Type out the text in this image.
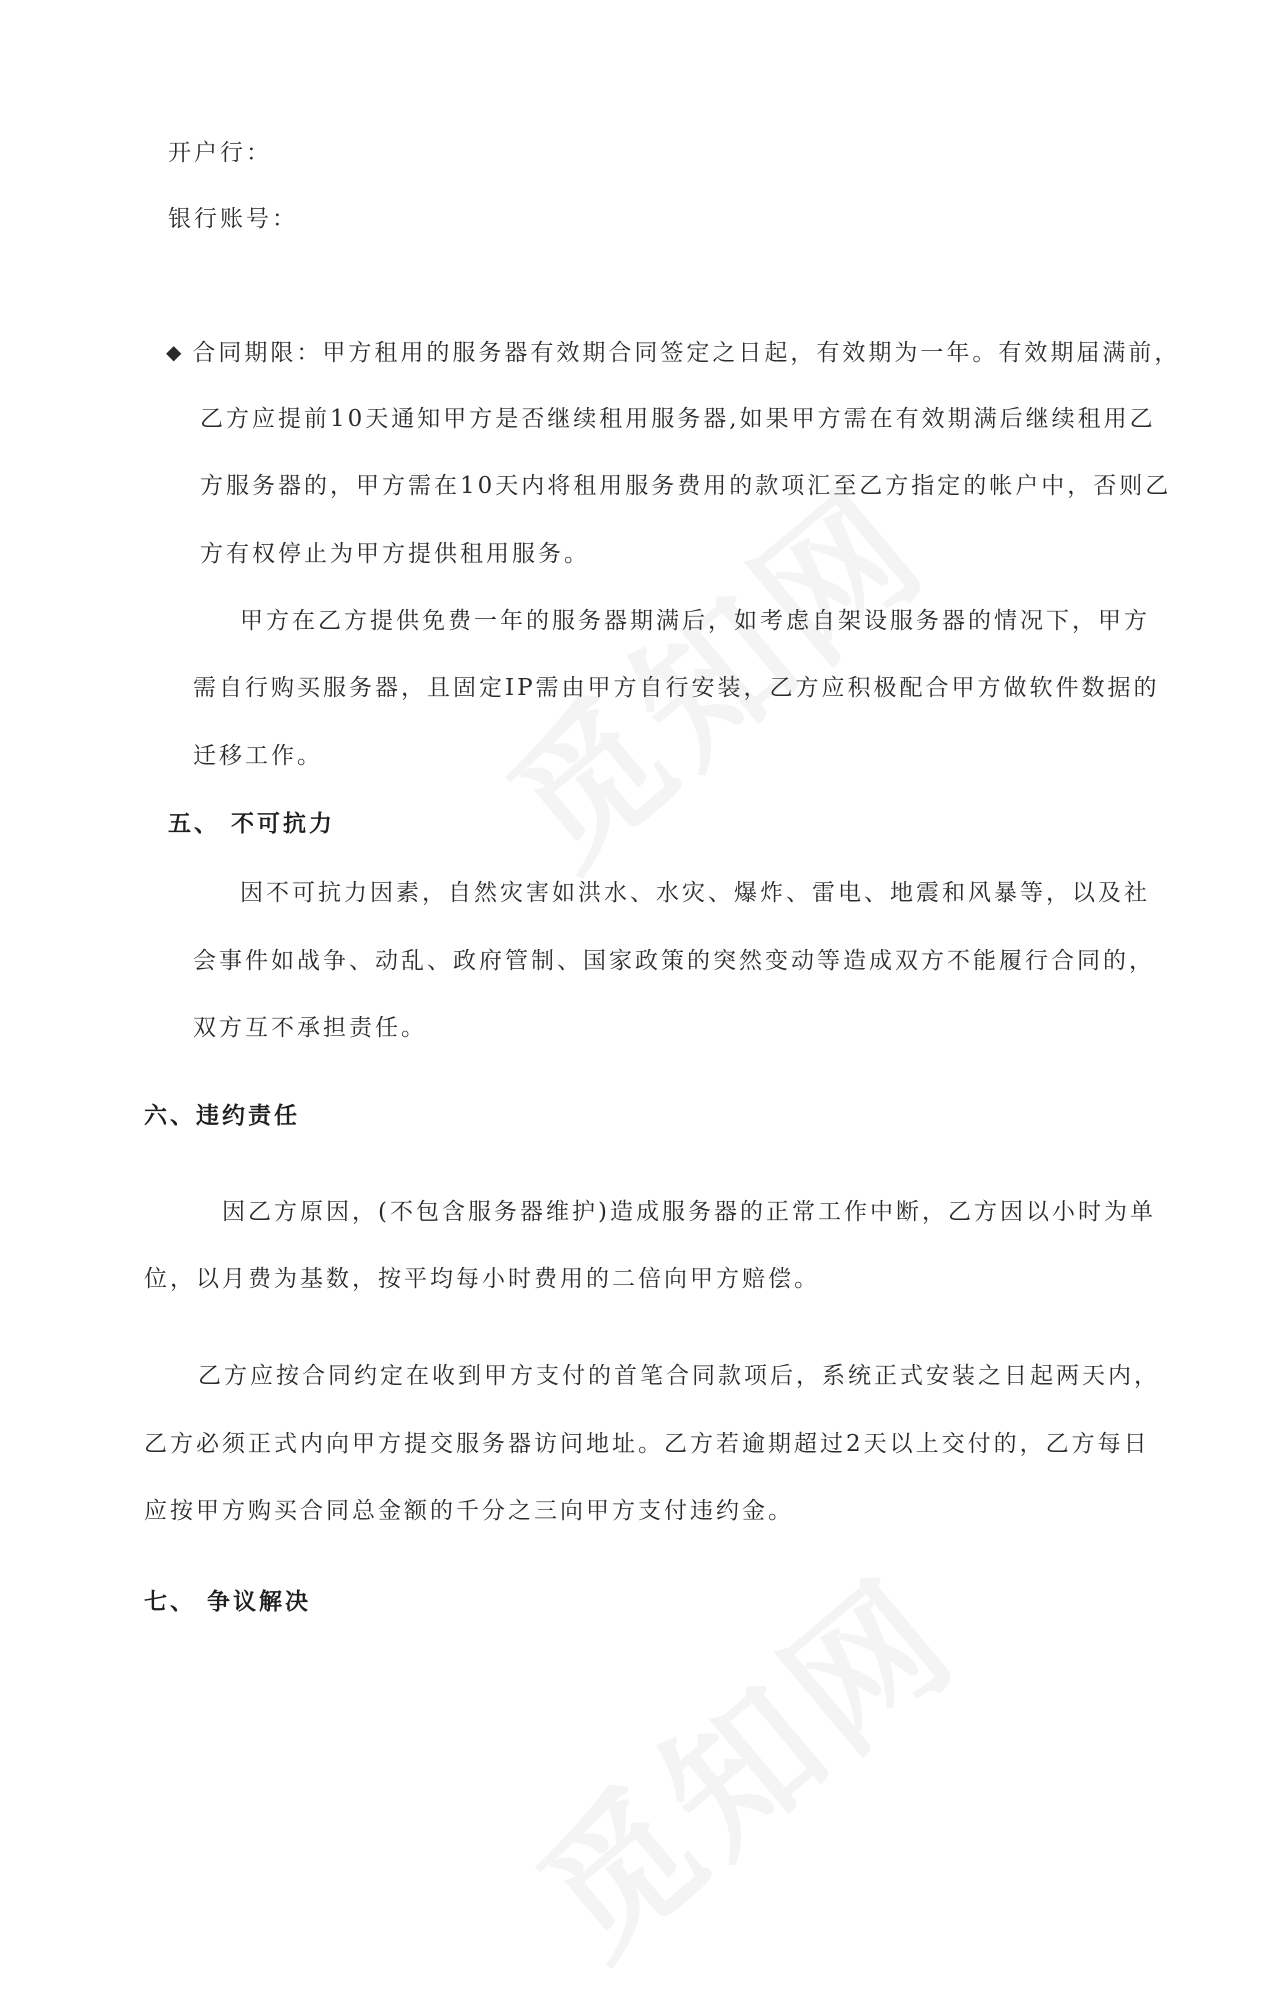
开户行：
银行账号：
◆ 合同期限：甲方租用的服务器有效期合同签定之日起，有效期为一年。有效期届满前，
乙方应提前10天通知甲方是否继续租用服务器,如果甲方需在有效期满后继续租用乙
方服务器的，甲方需在10天内将租用服务费用的款项汇至乙方指定的帐户中，否则乙
方有权停止为甲方提供租用服务。
甲方在乙方提供免费一年的服务器期满后，如考虑自架设服务器的情况下，甲方
需自行购买服务器，且固定IP需由甲方自行安装，乙方应积极配合甲方做软件数据的
迁移工作。
五、 不可抗力
因不可抗力因素，自然灾害如洪水、水灾、爆炸、雷电、地震和风暴等，以及社
会事件如战争、动乱、政府管制、国家政策的突然变动等造成双方不能履行合同的，
双方互不承担责任。
六、违约责任
因乙方原因，(不包含服务器维护)造成服务器的正常工作中断，乙方因以小时为单
位，以月费为基数，按平均每小时费用的二倍向甲方赔偿。
乙方应按合同约定在收到甲方支付的首笔合同款项后，系统正式安装之日起两天内，
乙方必须正式内向甲方提交服务器访问地址。乙方若逾期超过2天以上交付的，乙方每日
应按甲方购买合同总金额的千分之三向甲方支付违约金。
七、 争议解决
